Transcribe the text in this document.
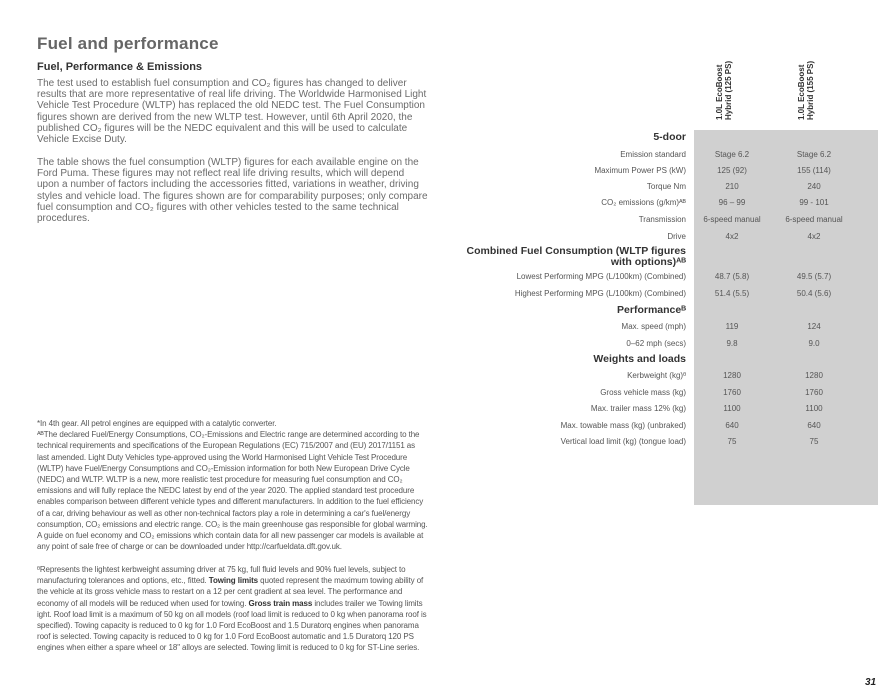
Fuel and performance
Fuel, Performance & Emissions
The test used to establish fuel consumption and CO₂ figures has changed to deliver results that are more representative of real life driving. The Worldwide Harmonised Light Vehicle Test Procedure (WLTP) has replaced the old NEDC test. The Fuel Consumption figures shown are derived from the new WLTP test. However, until 6th April 2020, the published CO₂ figures will be the NEDC equivalent and this will be used to calculate Vehicle Excise Duty.
The table shows the fuel consumption (WLTP) figures for each available engine on the Ford Puma. These figures may not reflect real life driving results, which will depend upon a number of factors including the accessories fitted, variations in weather, driving styles and vehicle load. The figures shown are for comparability purposes; only compare fuel consumption and CO₂ figures with other vehicles tested to the same technical procedures.
*In 4th gear. All petrol engines are equipped with a catalytic converter.
ᴬᴮThe declared Fuel/Energy Consumptions, CO₂-Emissions and Electric range are determined according to the technical requirements and specifications of the European Regulations (EC) 715/2007 and (EU) 2017/1151 as last amended. Light Duty Vehicles type-approved using the World Harmonised Light Vehicle Test Procedure (WLTP) have Fuel/Energy Consumptions and CO₂-Emission information for both New European Drive Cycle (NEDC) and WLTP. WLTP is a new, more realistic test procedure for measuring fuel consumption and CO₂ emissions and will fully replace the NEDC latest by end of the year 2020. The applied standard test procedure enables comparison between different vehicle types and different manufacturers. In addition to the fuel efficiency of a car, driving behaviour as well as other non-technical factors play a role in determining a car's fuel/energy consumption, CO₂ emissions and electric range. CO₂ is the main greenhouse gas responsible for global warming. A guide on fuel economy and CO₂ emissions which contain data for all new passenger car models is available at any point of sale free of charge or can be downloaded under http://carfueldata.dft.gov.uk.
ᶿRepresents the lightest kerbweight assuming driver at 75 kg, full fluid levels and 90% fuel levels, subject to manufacturing tolerances and options, etc., fitted. Towing limits quoted represent the maximum towing ability of the vehicle at its gross vehicle mass to restart on a 12 per cent gradient at sea level. The performance and economy of all models will be reduced when used for towing. Gross train mass includes trailer we Towing limits ight. Roof load limit is a maximum of 50 kg on all models (roof load limit is reduced to 0 kg when panorama roof is specified). Towing capacity is reduced to 0 kg for 1.0 Ford EcoBoost and 1.5 Duratorq engines when panorama roof is selected. Towing capacity is reduced to 0 kg for 1.0 Ford EcoBoost automatic and 1.5 Duratorq 120 PS engines when either a spare wheel or 18" alloys are selected. Towing limit is reduced to 0 kg for ST-Line series.
1.0L EcoBoost Hybrid (125 PS)	1.0L EcoBoost Hybrid (155 PS)
5-door
Combined Fuel Consumption (WLTP figures with options)ᴬᴮ
Performanceᴮ
Weights and loads
Emission standard	Stage 6.2	Stage 6.2
Maximum Power PS (kW)	125 (92)	155 (114)
Torque Nm	210	240
CO₂ emissions (g/km)ᴬᴮ	96 – 99	99 - 101
Transmission	6-speed manual	6-speed manual
Drive	4x2	4x2
Lowest Performing MPG (L/100km) (Combined)	48.7 (5.8)	49.5 (5.7)
Highest Performing MPG (L/100km) (Combined)	51.4 (5.5)	50.4 (5.6)
Max. speed (mph)	119	124
0–62 mph (secs)	9.8	9.0
Kerbweight (kg)ᶿ	1280	1280
Gross vehicle mass (kg)	1760	1760
Max. trailer mass 12% (kg)	1100	1100
Max. towable mass (kg) (unbraked)	640	640
Vertical load limit (kg) (tongue load)	75	75
31
